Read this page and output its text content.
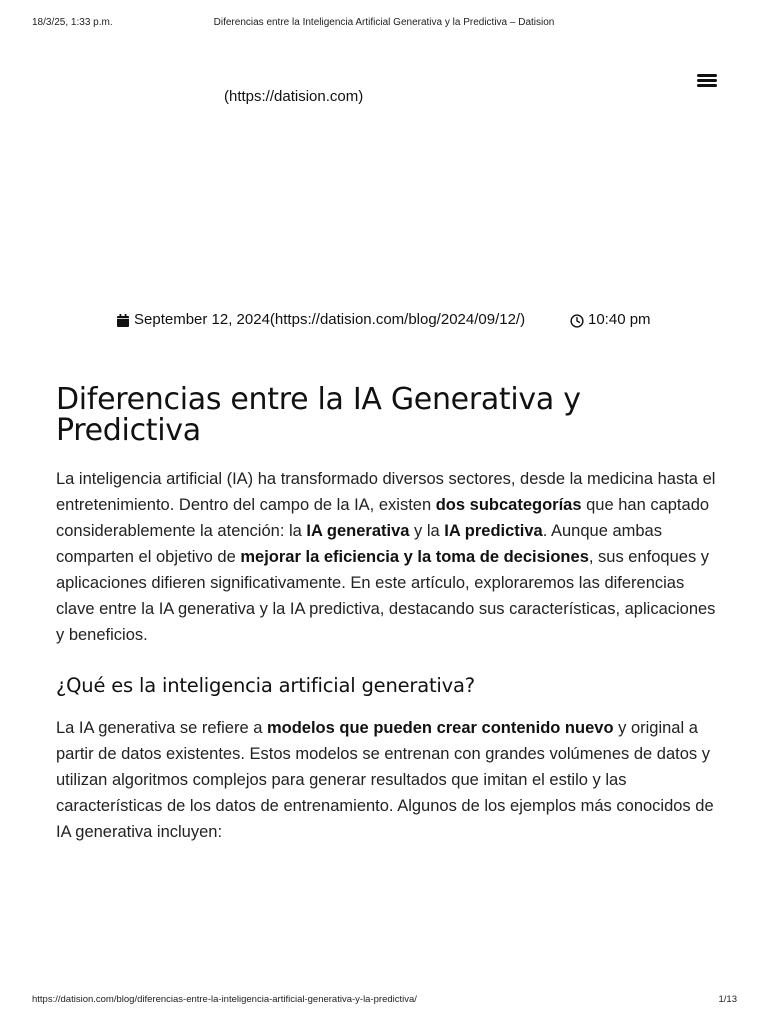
18/3/25, 1:33 p.m.	Diferencias entre la Inteligencia Artificial Generativa y la Predictiva – Datision
(https://datision.com)
September 12, 2024(https://datision.com/blog/2024/09/12/)	10:40 pm
Diferencias entre la IA Generativa y Predictiva

La inteligencia artificial (IA) ha transformado diversos sectores, desde la medicina hasta el entretenimiento. Dentro del campo de la IA, existen dos subcategorías que han captado considerablemente la atención: la IA generativa y la IA predictiva. Aunque ambas comparten el objetivo de mejorar la eficiencia y la toma de decisiones, sus enfoques y aplicaciones difieren significativamente. En este artículo, exploraremos las diferencias clave entre la IA generativa y la IA predictiva, destacando sus características, aplicaciones y beneficios.

¿Qué es la inteligencia artificial generativa?

La IA generativa se refiere a modelos que pueden crear contenido nuevo y original a partir de datos existentes. Estos modelos se entrenan con grandes volúmenes de datos y utilizan algoritmos complejos para generar resultados que imitan el estilo y las características de los datos de entrenamiento. Algunos de los ejemplos más conocidos de IA generativa incluyen:

https://datision.com/blog/diferencias-entre-la-inteligencia-artificial-generativa-y-la-predictiva/	1/13
